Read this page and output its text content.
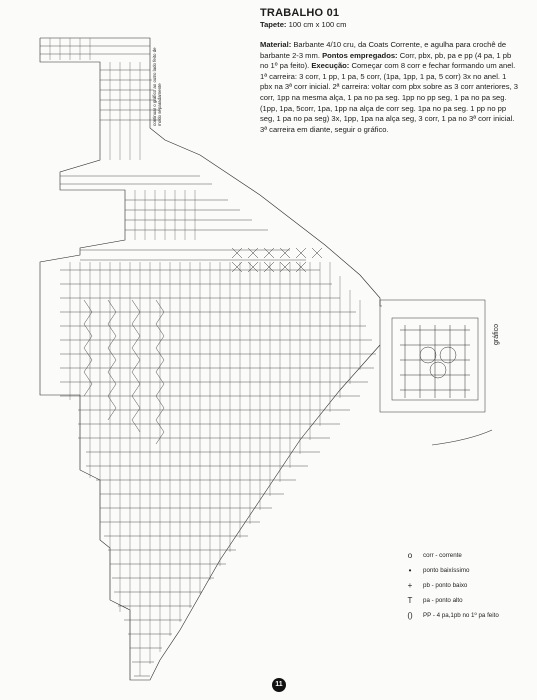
TRABALHO 01
Tapete: 100 cm x 100 cm
Material: Barbante 4/10 cru, da Coats Corrente, e agulha para crochê de barbante 2-3 mm. Pontos empregados: Corr, pbx, pb, pa e pp (4 pa, 1 pb no 1º pa feito). Execução: Começar com 8 corr e fechar formando um anel. 1ª carreira: 3 corr, 1 pp, 1 pa, 5 corr, (1pa, 1pp, 1 pa, 5 corr) 3x no anel. 1 pbx na 3ª corr inicial. 2ª carreira: voltar com pbx sobre as 3 corr anteriores, 3 corr, 1pp na mesma alça, 1 pa no pa seg. 1pp no pp seg, 1 pa no pa seg. (1pp, 1pa, 5corr, 1pa, 1pp na alça de corr seg. 1pa no pa seg. 1 pp no pp seg, 1 pa no pa seg) 3x, 1pp, 1pa na alça seg, 3 corr, 1 pa no 3ª corr inicial. 3ª carreira em diante, seguir o gráfico.
continuar o gráfico ao outro lado feito de modo separadamente
gráfico
o	corr - corrente
•	ponto baixíssimo
+	pb - ponto baixo
T	pa - ponto alto
()	PP - 4 pa,1pb no 1º pa feito
11
